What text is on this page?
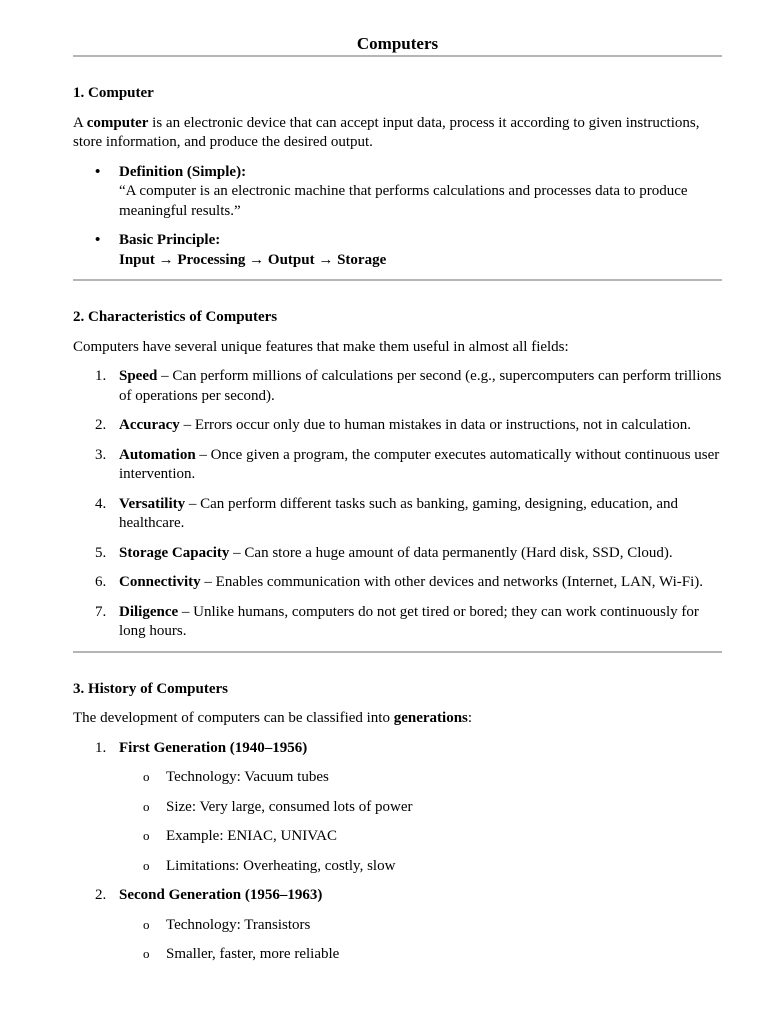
Computers

1. Computer

A computer is an electronic device that can accept input data, process it according to given instructions, store information, and produce the desired output.

• Definition (Simple):
“A computer is an electronic machine that performs calculations and processes data to produce meaningful results.”
• Basic Principle:
Input → Processing → Output → Storage

2. Characteristics of Computers

Computers have several unique features that make them useful in almost all fields:

1. Speed – Can perform millions of calculations per second (e.g., supercomputers can perform trillions of operations per second).
2. Accuracy – Errors occur only due to human mistakes in data or instructions, not in calculation.
3. Automation – Once given a program, the computer executes automatically without continuous user intervention.
4. Versatility – Can perform different tasks such as banking, gaming, designing, education, and healthcare.
5. Storage Capacity – Can store a huge amount of data permanently (Hard disk, SSD, Cloud).
6. Connectivity – Enables communication with other devices and networks (Internet, LAN, Wi-Fi).
7. Diligence – Unlike humans, computers do not get tired or bored; they can work continuously for long hours.

3. History of Computers

The development of computers can be classified into generations:

1. First Generation (1940–1956)
o Technology: Vacuum tubes
o Size: Very large, consumed lots of power
o Example: ENIAC, UNIVAC
o Limitations: Overheating, costly, slow
2. Second Generation (1956–1963)
o Technology: Transistors
o Smaller, faster, more reliable
